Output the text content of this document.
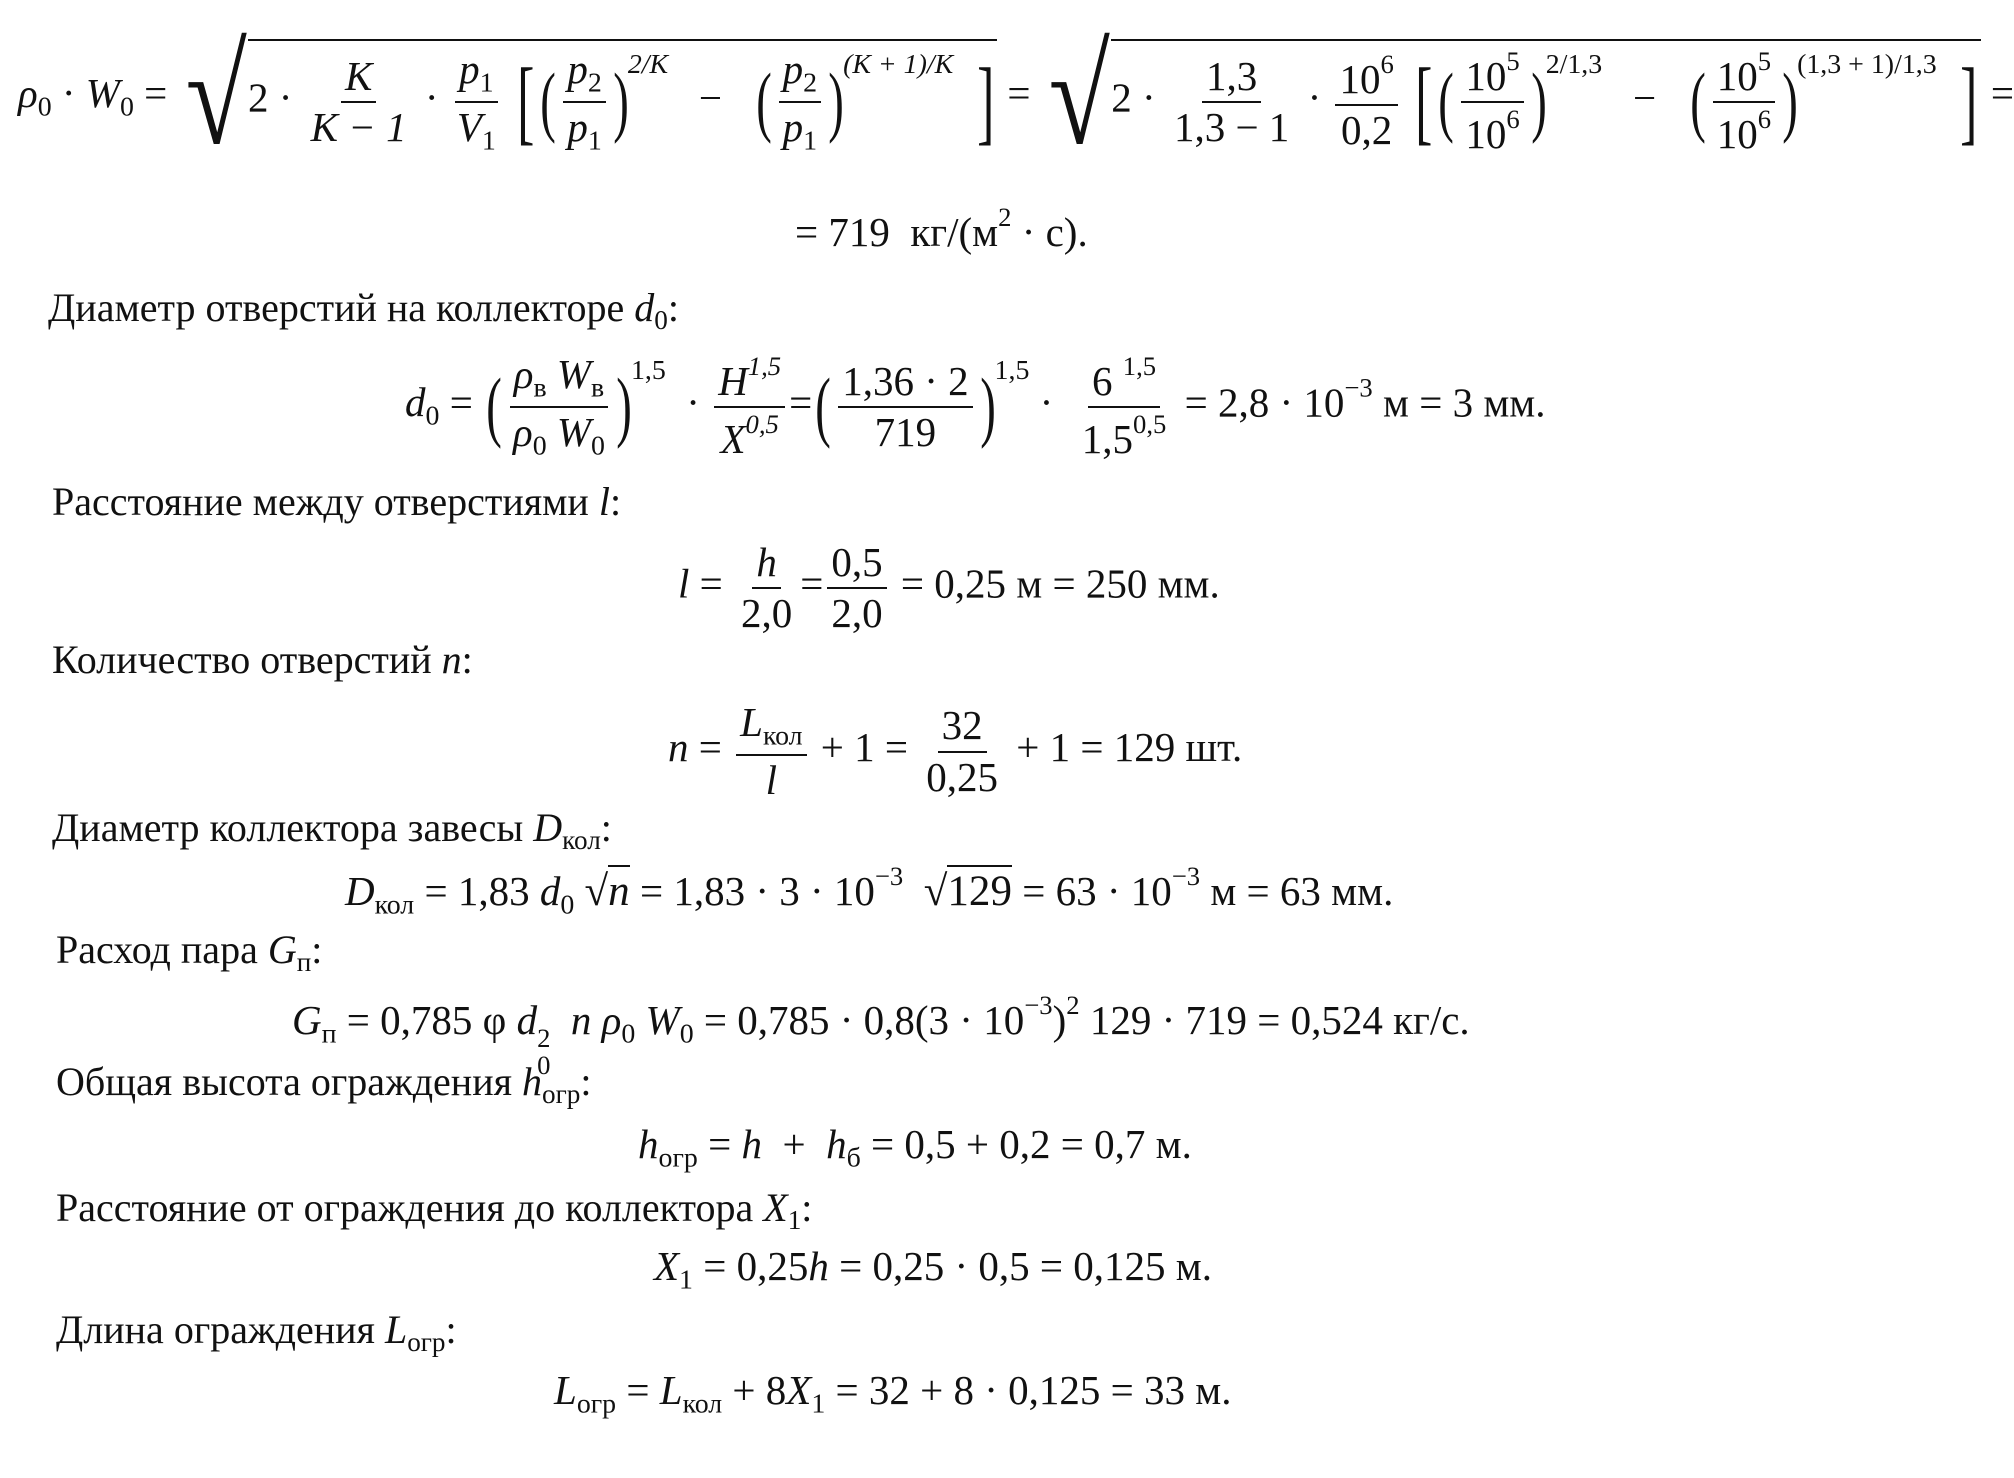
$\rho_0 \cdot W_0 = √2 \cdot \frac{K}{K - 1} \cdot \frac{p_1}{V_1}$ [( $\frac{p_2}{p_1} )^{2/K}$   −   ( $\frac{p_2}{p_1} )^{(K + 1)/K}$ ] = $√2 \cdot \frac{1,3}{1,3 - 1} \cdot \frac{10^6}{0,2}$ [( $\frac{10^5}{10^6} )^{2/1,3}$   −   ( $\frac{10^5}{10^6} )^{(1,3 + 1)/1,3}$ ] =
= 719 $кг/(м^2 \cdot с)$.
Диаметр отверстий на коллекторе $d_0$:
$d_0$ = ( $\frac{\rho_в W_в}{\rho_0 W_0} )^{1,5} \cdot \frac{H^{1,5}}{X^{0,5}}$ =( $\frac{1,36 \cdot 2}{719} )^{1,5} \cdot \frac{6 ^{1,5}}{1,5^{0,5}} = 2,8 \cdot 10^{-3}$ м = 3 мм.
Расстояние между отверстиями l:
$l = \frac{h}{2,0} = \frac{0,5}{2,0} = 0,25$ м = 250 мм.
Количество отверстий n:
$n = \frac{L_{кол}}{l} + 1 = \frac{32}{0,25} + 1 = 129$ шт.
Диаметр коллектора завесы $D_{кол}$:
$D_{кол} = 1,83$ $d_0$ $√n = 1,83 \cdot 3 \cdot 10^{-3}$ $√129 = 63 \cdot 10^{-3}$ м = 63 мм.
Расход пара $G_п$:
$G_п = 0,785$ φ d 2
0
n $\rho_0$ $W_0 = 0,785 \cdot 0,8(3 \cdot 10^{-3})^2$ 129 · 719 = 0,524 кг/с.
Общая высота ограждения $h_{огр}$:
$h_{огр} = h + h_б = 0,5 + 0,2 = 0,7$ м.
Расстояние от ограждения до коллектора $X_1$:
$X_1 = 0,25h = 0,25 \cdot 0,5 = 0,125$ м.
Длина ограждения $L_{огр}$:
$L_{огр} = L_{кол} + 8X_1 = 32 + 8 \cdot 0,125 = 33$ м.
